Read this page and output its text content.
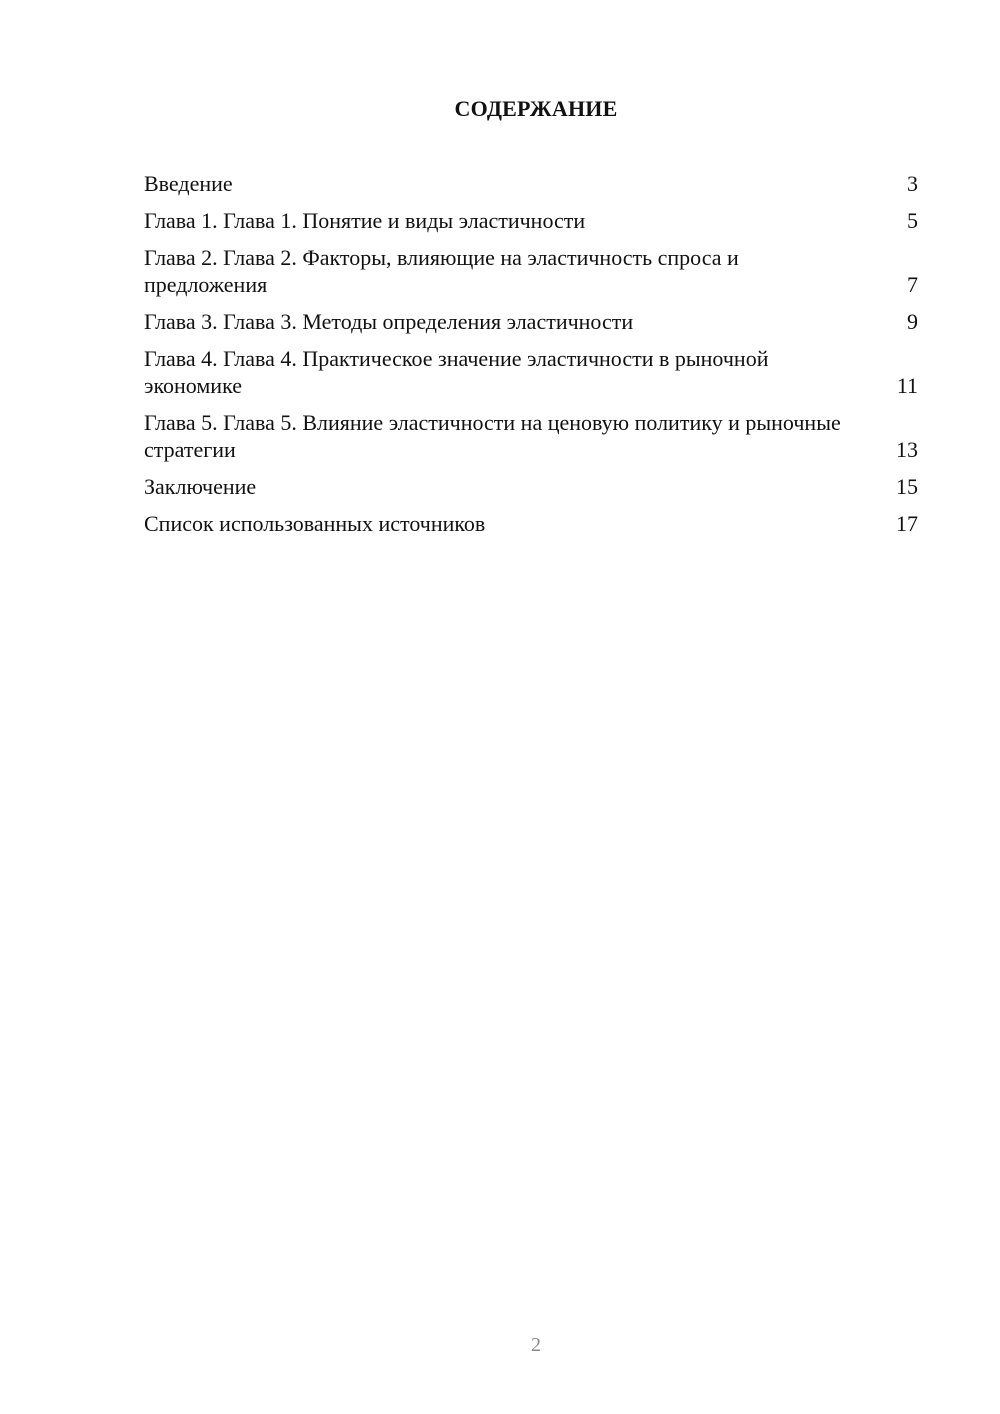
СОДЕРЖАНИЕ
Введение	3
Глава 1. Глава 1. Понятие и виды эластичности	5
Глава 2. Глава 2. Факторы, влияющие на эластичность спроса и предложения	7
Глава 3. Глава 3. Методы определения эластичности	9
Глава 4. Глава 4. Практическое значение эластичности в рыночной экономике	11
Глава 5. Глава 5. Влияние эластичности на ценовую политику и рыночные стратегии	13
Заключение	15
Список использованных источников	17
2
